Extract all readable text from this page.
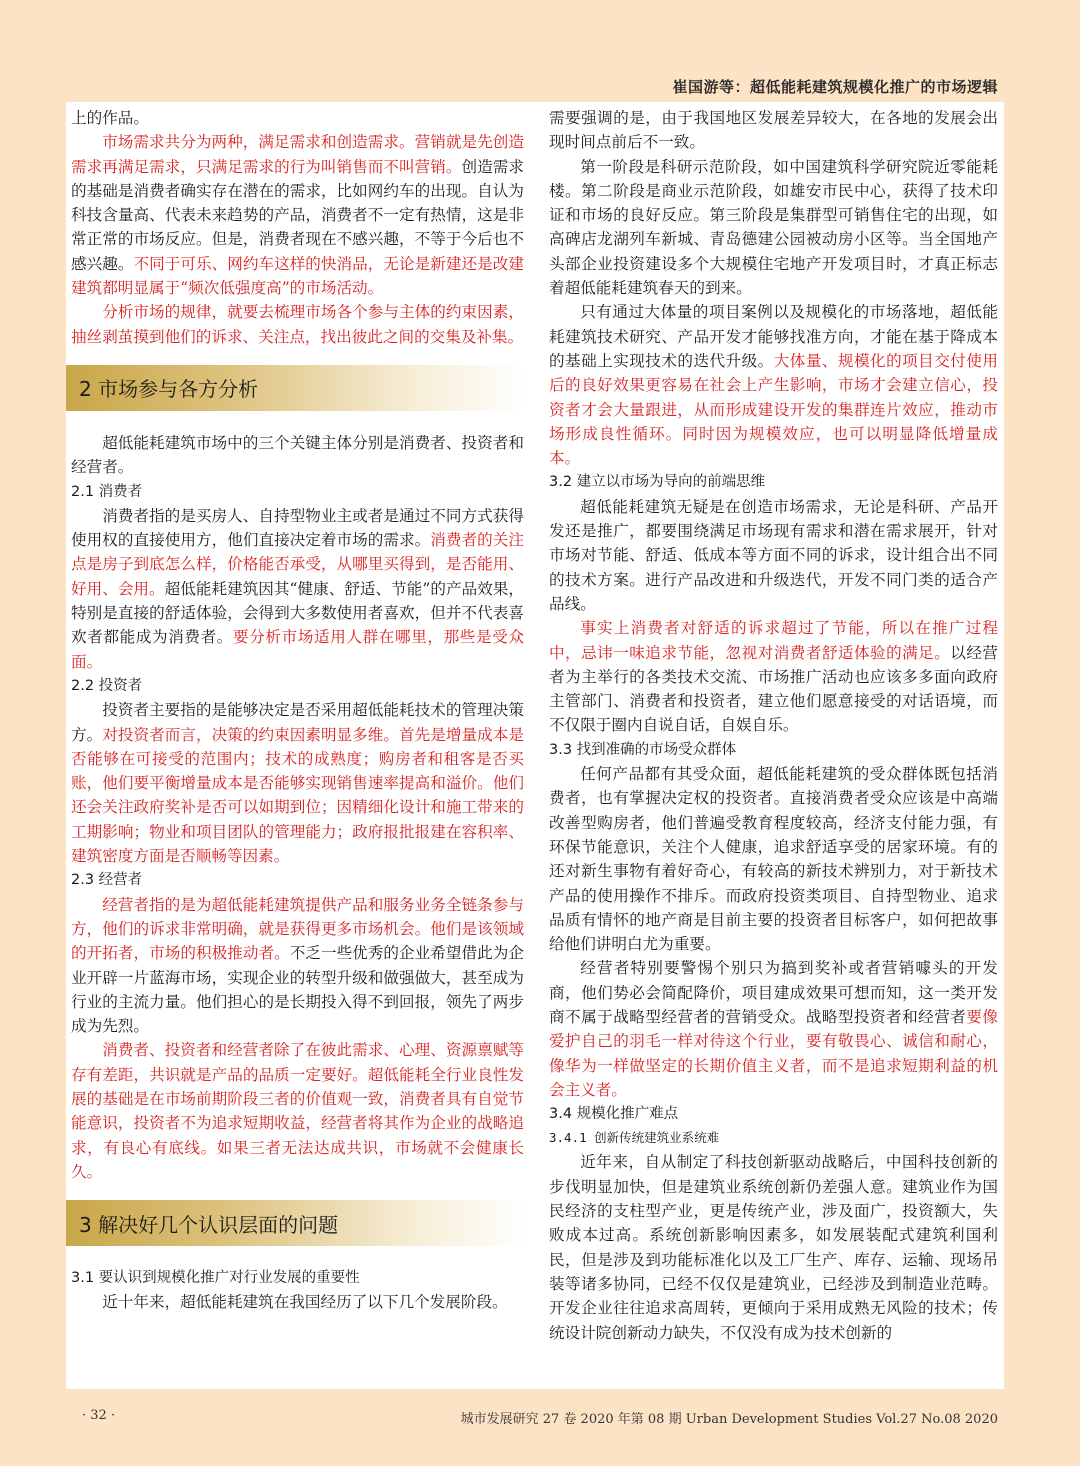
崔国游等：超低能耗建筑规模化推广的市场逻辑

上的作品。

市场需求共分为两种，满足需求和创造需求。营销就是先创造需求再满足需求，只满足需求的行为叫销售而不叫营销。创造需求的基础是消费者确实存在潜在的需求，比如网约车的出现。自认为科技含量高、代表未来趋势的产品，消费者不一定有热情，这是非常正常的市场反应。但是，消费者现在不感兴趣，不等于今后也不感兴趣。不同于可乐、网约车这样的快消品，无论是新建还是改建建筑都明显属于“频次低强度高”的市场活动。

分析市场的规律，就要去梳理市场各个参与主体的约束因素，抽丝剥茧摸到他们的诉求、关注点，找出彼此之间的交集及补集。

2 市场参与各方分析

超低能耗建筑市场中的三个关键主体分别是消费者、投资者和经营者。

2.1 消费者

消费者指的是买房人、自持型物业主或者是通过不同方式获得使用权的直接使用方，他们直接决定着市场的需求。消费者的关注点是房子到底怎么样，价格能否承受，从哪里买得到，是否能用、好用、会用。超低能耗建筑因其“健康、舒适、节能”的产品效果，特别是直接的舒适体验，会得到大多数使用者喜欢，但并不代表喜欢者都能成为消费者。要分析市场适用人群在哪里，那些是受众面。

2.2 投资者

投资者主要指的是能够决定是否采用超低能耗技术的管理决策方。对投资者而言，决策的约束因素明显多维。首先是增量成本是否能够在可接受的范围内；技术的成熟度；购房者和租客是否买账，他们要平衡增量成本是否能够实现销售速率提高和溢价。他们还会关注政府奖补是否可以如期到位；因精细化设计和施工带来的工期影响；物业和项目团队的管理能力；政府报批报建在容积率、建筑密度方面是否顺畅等因素。

2.3 经营者

经营者指的是为超低能耗建筑提供产品和服务业务全链条参与方，他们的诉求非常明确，就是获得更多市场机会。他们是该领域的开拓者，市场的积极推动者。不乏一些优秀的企业希望借此为企业开辟一片蓝海市场，实现企业的转型升级和做强做大，甚至成为行业的主流力量。他们担心的是长期投入得不到回报，领先了两步成为先烈。

消费者、投资者和经营者除了在彼此需求、心理、资源禀赋等存有差距，共识就是产品的品质一定要好。超低能耗全行业良性发展的基础是在市场前期阶段三者的价值观一致，消费者具有自觉节能意识，投资者不为追求短期收益，经营者将其作为企业的战略追求，有良心有底线。如果三者无法达成共识，市场就不会健康长久。

3 解决好几个认识层面的问题
3.1 要认识到规模化推广对行业发展的重要性

近十年来，超低能耗建筑在我国经历了以下几个发展阶段。

需要强调的是，由于我国地区发展差异较大，在各地的发展会出现时间点前后不一致。

第一阶段是科研示范阶段，如中国建筑科学研究院近零能耗楼。第二阶段是商业示范阶段，如雄安市民中心，获得了技术印证和市场的良好反应。第三阶段是集群型可销售住宅的出现，如高碑店龙湖列车新城、青岛德建公园被动房小区等。当全国地产头部企业投资建设多个大规模住宅地产开发项目时，才真正标志着超低能耗建筑春天的到来。

只有通过大体量的项目案例以及规模化的市场落地，超低能耗建筑技术研究、产品开发才能够找准方向，才能在基于降成本的基础上实现技术的迭代升级。大体量、规模化的项目交付使用后的良好效果更容易在社会上产生影响，市场才会建立信心，投资者才会大量跟进，从而形成建设开发的集群连片效应，推动市场形成良性循环。同时因为规模效应，也可以明显降低增量成本。

3.2 建立以市场为导向的前端思维

超低能耗建筑无疑是在创造市场需求，无论是科研、产品开发还是推广，都要围绕满足市场现有需求和潜在需求展开，针对市场对节能、舒适、低成本等方面不同的诉求，设计组合出不同的技术方案。进行产品改进和升级迭代，开发不同门类的适合产品线。

事实上消费者对舒适的诉求超过了节能，所以在推广过程中，忌讳一味追求节能，忽视对消费者舒适体验的满足。以经营者为主举行的各类技术交流、市场推广活动也应该多多面向政府主管部门、消费者和投资者，建立他们愿意接受的对话语境，而不仅限于圈内自说自话，自娱自乐。

3.3 找到准确的市场受众群体

任何产品都有其受众面，超低能耗建筑的受众群体既包括消费者，也有掌握决定权的投资者。直接消费者受众应该是中高端改善型购房者，他们普遍受教育程度较高，经济支付能力强，有环保节能意识，关注个人健康，追求舒适享受的居家环境。有的还对新生事物有着好奇心，有较高的新技术辨别力，对于新技术产品的使用操作不排斥。而政府投资类项目、自持型物业、追求品质有情怀的地产商是目前主要的投资者目标客户，如何把故事给他们讲明白尤为重要。

经营者特别要警惕个别只为搞到奖补或者营销噱头的开发商，他们势必会简配降价，项目建成效果可想而知，这一类开发商不属于战略型经营者的营销受众。战略型投资者和经营者要像爱护自己的羽毛一样对待这个行业，要有敬畏心、诚信和耐心，像华为一样做坚定的长期价值主义者，而不是追求短期利益的机会主义者。

3.4 规模化推广难点
3.4.1 创新传统建筑业系统难

近年来，自从制定了科技创新驱动战略后，中国科技创新的步伐明显加快，但是建筑业系统创新仍差强人意。建筑业作为国民经济的支柱型产业，更是传统产业，涉及面广，投资额大，失败成本过高。系统创新影响因素多，如发展装配式建筑利国利民，但是涉及到功能标准化以及工厂生产、库存、运输、现场吊装等诸多协同，已经不仅仅是建筑业，已经涉及到制造业范畴。开发企业往往追求高周转，更倾向于采用成熟无风险的技术；传统设计院创新动力缺失，不仅没有成为技术创新的

· 32 ·	城市发展研究 27 卷 2020 年第 08 期 Urban Development Studies Vol.27 No.08 2020
